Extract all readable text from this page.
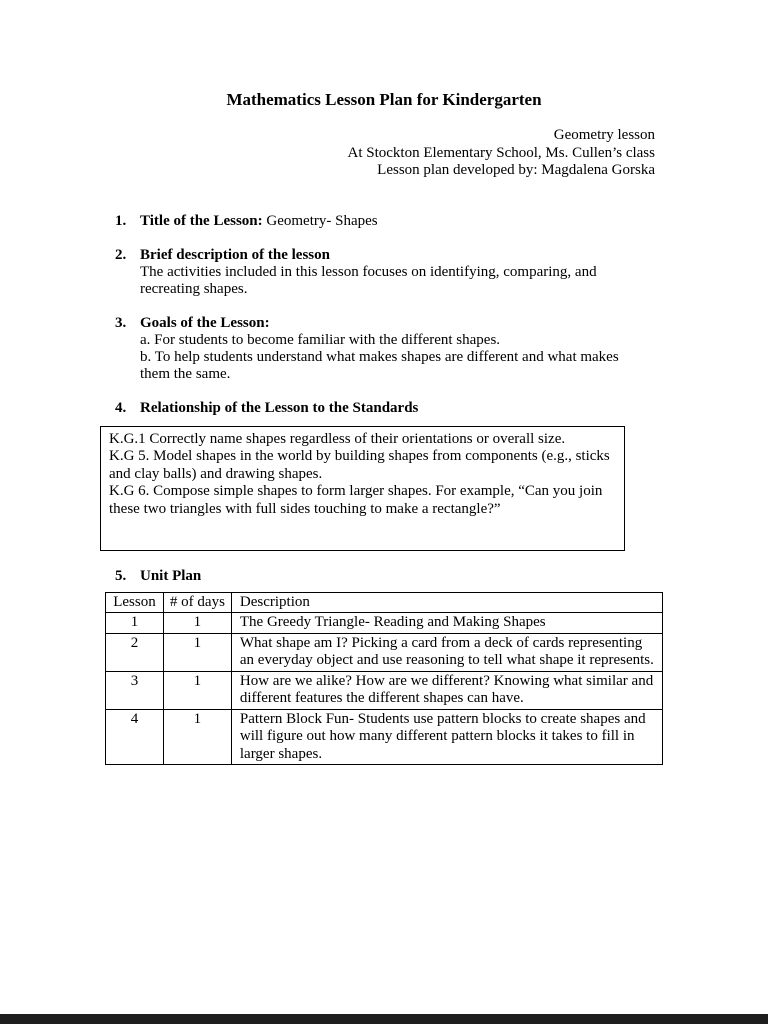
Mathematics Lesson Plan for Kindergarten
Geometry lesson
At Stockton Elementary School, Ms. Cullen’s class
Lesson plan developed by: Magdalena Gorska
1. Title of the Lesson: Geometry- Shapes
2. Brief description of the lesson
The activities included in this lesson focuses on identifying, comparing, and recreating shapes.
3. Goals of the Lesson:
a. For students to become familiar with the different shapes.
b. To help students understand what makes shapes are different and what makes them the same.
4. Relationship of the Lesson to the Standards

K.G.1 Correctly name shapes regardless of their orientations or overall size.

K.G 5. Model shapes in the world by building shapes from components (e.g., sticks and clay balls) and drawing shapes.

K.G 6. Compose simple shapes to form larger shapes. For example, “Can you join these two triangles with full sides touching to make a rectangle?”

5. Unit Plan
Lesson	# of days	Description
1	1	The Greedy Triangle- Reading and Making Shapes
2	1	What shape am I? Picking a card from a deck of cards representing an everyday object and use reasoning to tell what shape it represents.
3	1	How are we alike? How are we different? Knowing what similar and different features the different shapes can have.
4	1	Pattern Block Fun- Students use pattern blocks to create shapes and will figure out how many different pattern blocks it takes to fill in larger shapes.
